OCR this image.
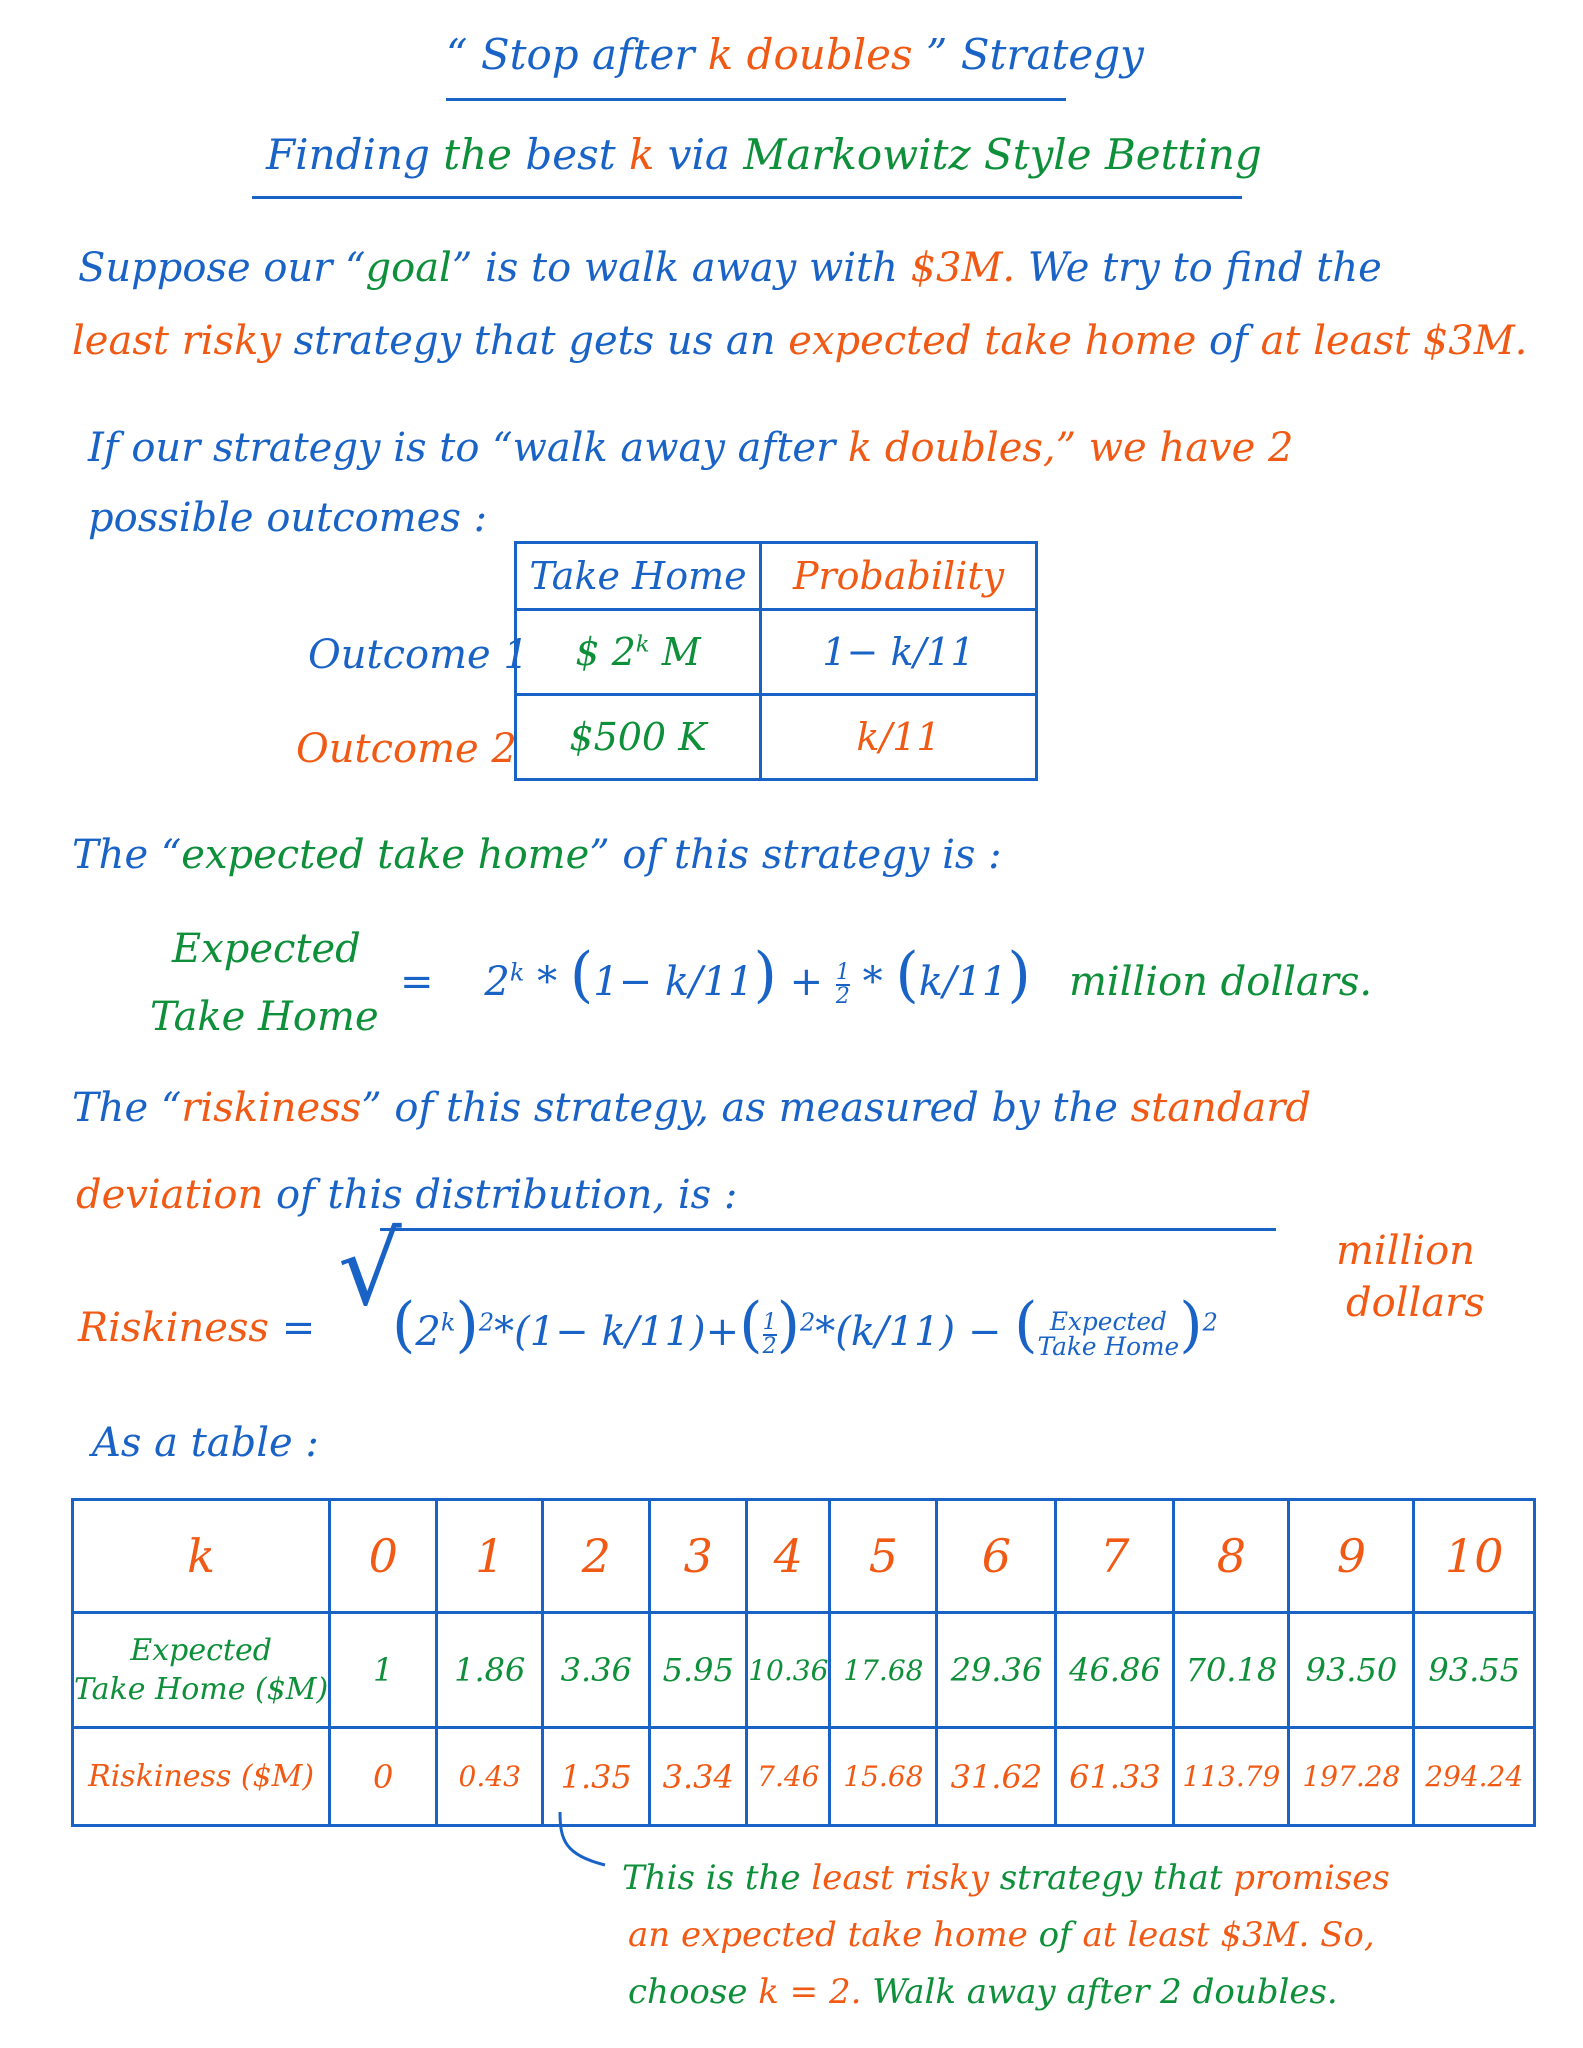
“ Stop after k doubles ” Strategy
Finding the best k via Markowitz Style Betting
Suppose our “goal” is to walk away with $3M. We try to find the
least risky strategy that gets us an expected take home of at least $3M.
If our strategy is to “walk away after k doubles,” we have 2
possible outcomes :
Outcome 1
Outcome 2
Take Home	Probability
$ 2$^k$ M	1− k/11
$500 K	k/11
The “expected take home” of this strategy is :
Expected
Take Home
= $2^k * (1- k/11) + \frac{1}{2} * (k/11)$ million dollars.
The “riskiness” of this strategy, as measured by the standard
deviation of this distribution, is :
Riskiness = √
$(2^k)^2*(1- k/11)+( \frac{1}{2} )^2*(k/11)$ − ( Expected
Take Home )$^2$
million
dollars
As a table :
k	0	1	2	3	4	5	6	7	8	9	10
Expected
Take Home ($M)	1	1.86	3.36	5.95	10.36	17.68	29.36	46.86	70.18	93.50	93.55
Riskiness ($M)	0	0.43	1.35	3.34	7.46	15.68	31.62	61.33	113.79	197.28	294.24
This is the least risky strategy that promises
an expected take home of at least $3M. So,
choose k = 2. Walk away after 2 doubles.
